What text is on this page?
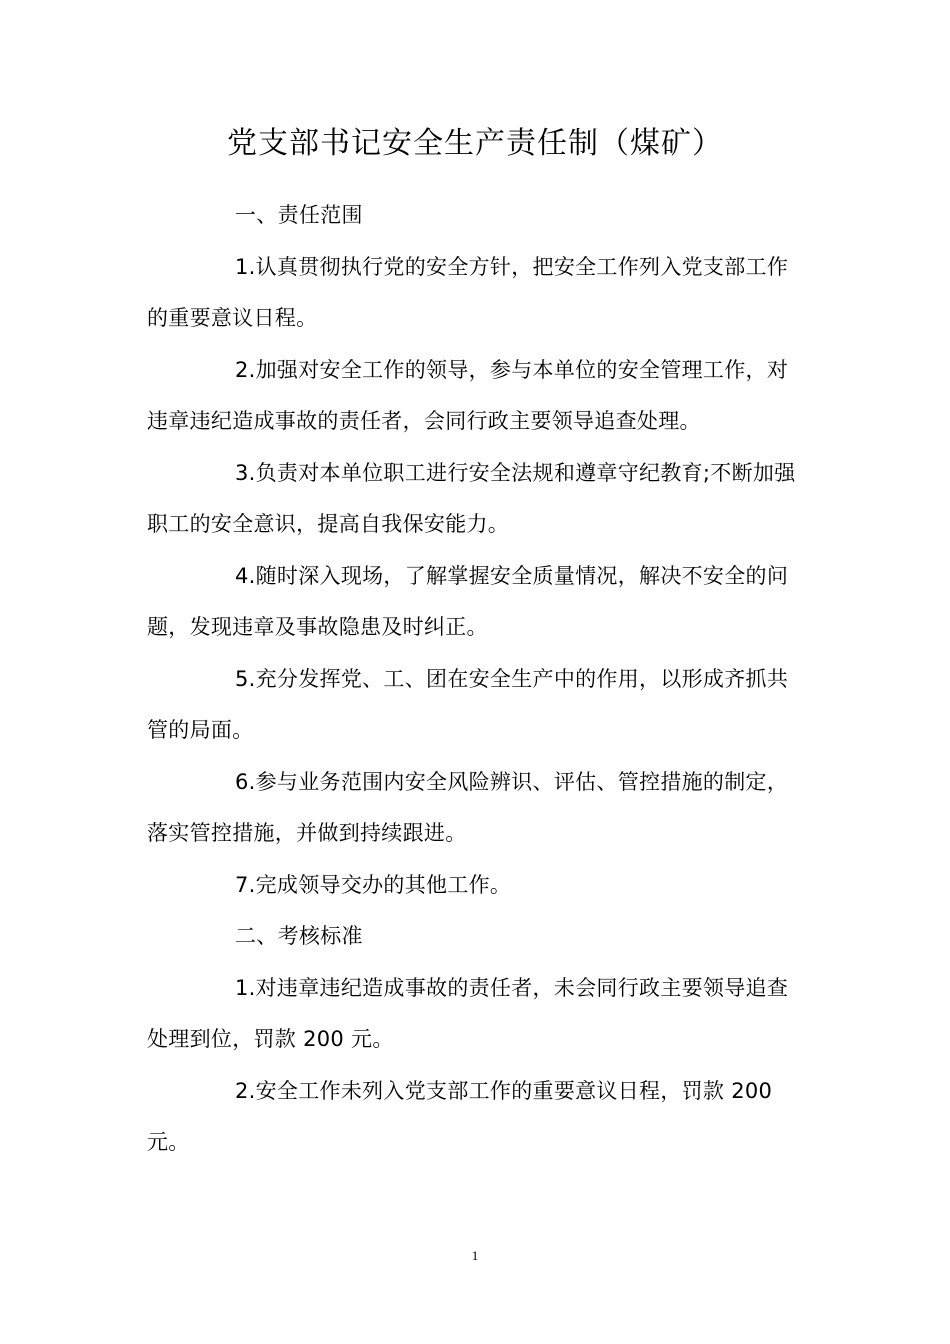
党支部书记安全生产责任制（煤矿）

一、责任范围

1.认真贯彻执行党的安全方针，把安全工作列入党支部工作的重要意议日程。

2.加强对安全工作的领导，参与本单位的安全管理工作，对违章违纪造成事故的责任者，会同行政主要领导追查处理。

3.负责对本单位职工进行安全法规和遵章守纪教育;不断加强职工的安全意识，提高自我保安能力。

4.随时深入现场，了解掌握安全质量情况，解决不安全的问题，发现违章及事故隐患及时纠正。

5.充分发挥党、工、团在安全生产中的作用，以形成齐抓共管的局面。

6.参与业务范围内安全风险辨识、评估、管控措施的制定，落实管控措施，并做到持续跟进。

7.完成领导交办的其他工作。

二、考核标准

1.对违章违纪造成事故的责任者，未会同行政主要领导追查处理到位，罚款 200 元。

2.安全工作未列入党支部工作的重要意议日程，罚款 200 元。

1
